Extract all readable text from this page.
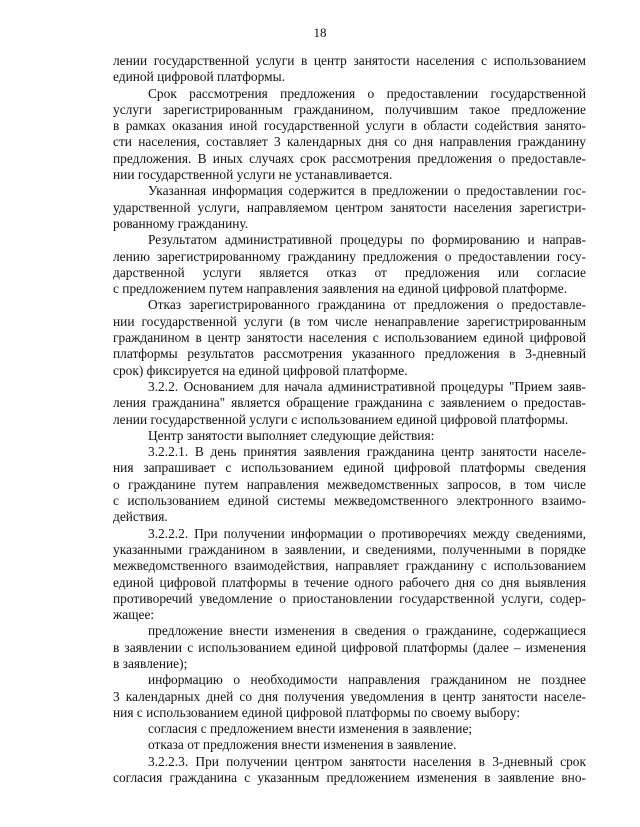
18
лении государственной услуги в центр занятости населения с использованием
единой цифровой платформы.
Срок рассмотрения предложения о предоставлении государственной
услуги зарегистрированным гражданином, получившим такое предложение
в рамках оказания иной государственной услуги в области содействия занято-
сти населения, составляет 3 календарных дня со дня направления гражданину
предложения. В иных случаях срок рассмотрения предложения о предоставле-
нии государственной услуги не устанавливается.
Указанная информация содержится в предложении о предоставлении гос-
ударственной услуги, направляемом центром занятости населения зарегистри-
рованному гражданину.
Результатом административной процедуры по формированию и направ-
лению зарегистрированному гражданину предложения о предоставлении госу-
дарственной услуги является отказ от предложения или согласие
с предложением путем направления заявления на единой цифровой платформе.
Отказ зарегистрированного гражданина от предложения о предоставле-
нии государственной услуги (в том числе ненаправление зарегистрированным
гражданином в центр занятости населения с использованием единой цифровой
платформы результатов рассмотрения указанного предложения в 3-дневный
срок) фиксируется на единой цифровой платформе.
3.2.2. Основанием для начала административной процедуры "Прием заяв-
ления гражданина" является обращение гражданина с заявлением о предостав-
лении государственной услуги с использованием единой цифровой платформы.
Центр занятости выполняет следующие действия:
3.2.2.1. В день принятия заявления гражданина центр занятости населе-
ния запрашивает с использованием единой цифровой платформы сведения
о гражданине путем направления межведомственных запросов, в том числе
с использованием единой системы межведомственного электронного взаимо-
действия.
3.2.2.2. При получении информации о противоречиях между сведениями,
указанными гражданином в заявлении, и сведениями, полученными в порядке
межведомственного взаимодействия, направляет гражданину с использованием
единой цифровой платформы в течение одного рабочего дня со дня выявления
противоречий уведомление о приостановлении государственной услуги, содер-
жащее:
предложение внести изменения в сведения о гражданине, содержащиеся
в заявлении с использованием единой цифровой платформы (далее – изменения
в заявление);
информацию о необходимости направления гражданином не позднее
3 календарных дней со дня получения уведомления в центр занятости населе-
ния с использованием единой цифровой платформы по своему выбору:
согласия с предложением внести изменения в заявление;
отказа от предложения внести изменения в заявление.
3.2.2.3. При получении центром занятости населения в 3-дневный срок
согласия гражданина с указанным предложением изменения в заявление вно-
